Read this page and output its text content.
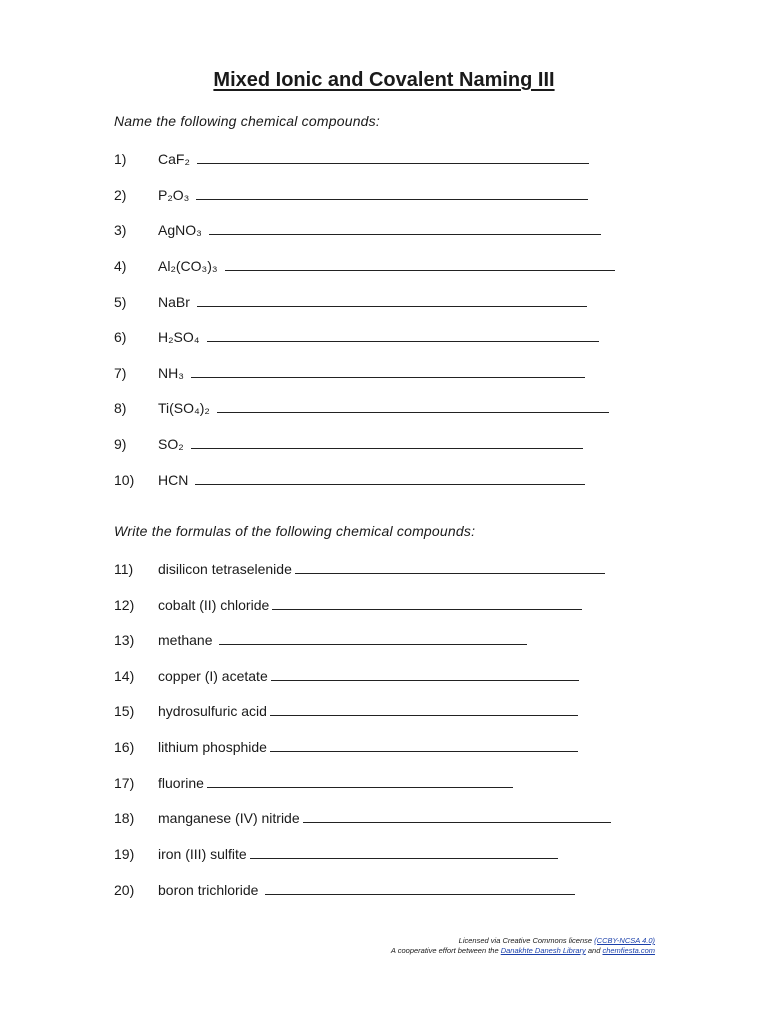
Mixed Ionic and Covalent Naming III
Name the following chemical compounds:
1) CaF₂
2) P₂O₃
3) AgNO₃
4) Al₂(CO₃)₃
5) NaBr
6) H₂SO₄
7) NH₃
8) Ti(SO₄)₂
9) SO₂
10) HCN
Write the formulas of the following chemical compounds:
11) disilicon tetraselenide
12) cobalt (II) chloride
13) methane
14) copper (I) acetate
15) hydrosulfuric acid
16) lithium phosphide
17) fluorine
18) manganese (IV) nitride
19) iron (III) sulfite
20) boron trichloride
Licensed via Creative Commons license (CCBY-NCSA 4.0)
A cooperative effort between the Danakhte Danesh Library and chemfiesta.com
